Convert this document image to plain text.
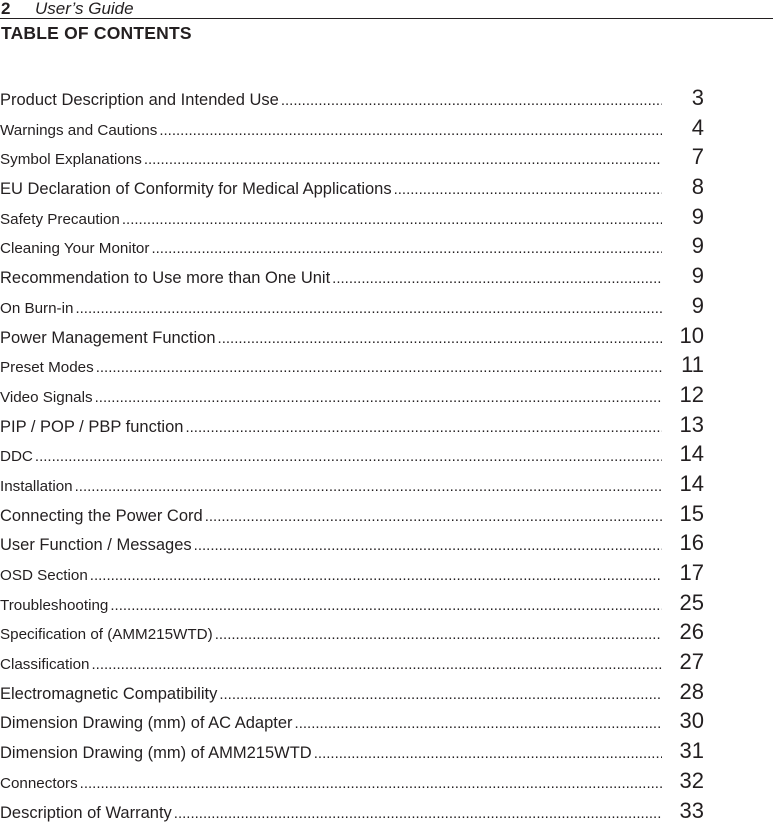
2 User’s Guide
TABLE OF CONTENTS
Product Description and Intended Use .....	3
Warnings and Cautions .....	4
Symbol Explanations .....	7
EU Declaration of Conformity for Medical Applications .....	8
Safety Precaution .....	9
Cleaning Your Monitor .....	9
Recommendation to Use more than One Unit .....	9
On Burn-in .....	9
Power Management Function .....	10
Preset Modes .....	11
Video Signals .....	12
PIP / POP / PBP function .....	13
DDC .....	14
Installation .....	14
Connecting the Power Cord .....	15
User Function / Messages .....	16
OSD Section .....	17
Troubleshooting .....	25
Specification of (AMM215WTD) .....	26
Classification .....	27
Electromagnetic Compatibility .....	28
Dimension Drawing (mm) of AC Adapter .....	30
Dimension Drawing (mm) of AMM215WTD .....	31
Connectors .....	32
Description of Warranty .....	33
